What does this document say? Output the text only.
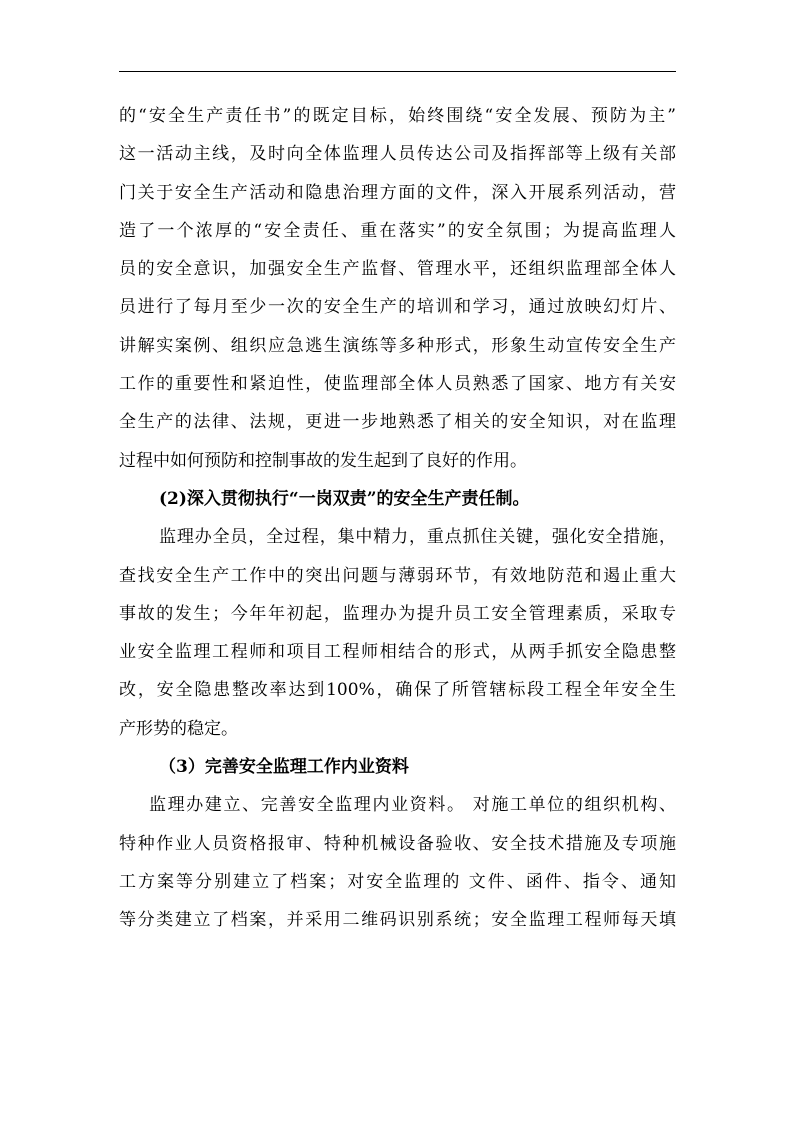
的“安全生产责任书”的既定目标，始终围绕“安全发展、预防为主”
这一活动主线，及时向全体监理人员传达公司及指挥部等上级有关部
门关于安全生产活动和隐患治理方面的文件，深入开展系列活动，营
造了一个浓厚的“安全责任、重在落实”的安全氛围；为提高监理人
员的安全意识，加强安全生产监督、管理水平，还组织监理部全体人
员进行了每月至少一次的安全生产的培训和学习，通过放映幻灯片、
讲解实案例、组织应急逃生演练等多种形式，形象生动宣传安全生产
工作的重要性和紧迫性，使监理部全体人员熟悉了国家、地方有关安
全生产的法律、法规，更进一步地熟悉了相关的安全知识，对在监理
过程中如何预防和控制事故的发生起到了良好的作用。
(2)深入贯彻执行“一岗双责”的安全生产责任制。
监理办全员，全过程，集中精力，重点抓住关键，强化安全措施，
查找安全生产工作中的突出问题与薄弱环节，有效地防范和遏止重大
事故的发生；今年年初起，监理办为提升员工安全管理素质，采取专
业安全监理工程师和项目工程师相结合的形式，从两手抓安全隐患整
改，安全隐患整改率达到100%，确保了所管辖标段工程全年安全生
产形势的稳定。
（3）完善安全监理工作内业资料
监理办建立、完善安全监理内业资料。 对施工单位的组织机构、
特种作业人员资格报审、特种机械设备验收、安全技术措施及专项施
工方案等分别建立了档案；对安全监理的 文件、函件、指令、通知
等分类建立了档案，并采用二维码识别系统；安全监理工程师每天填
